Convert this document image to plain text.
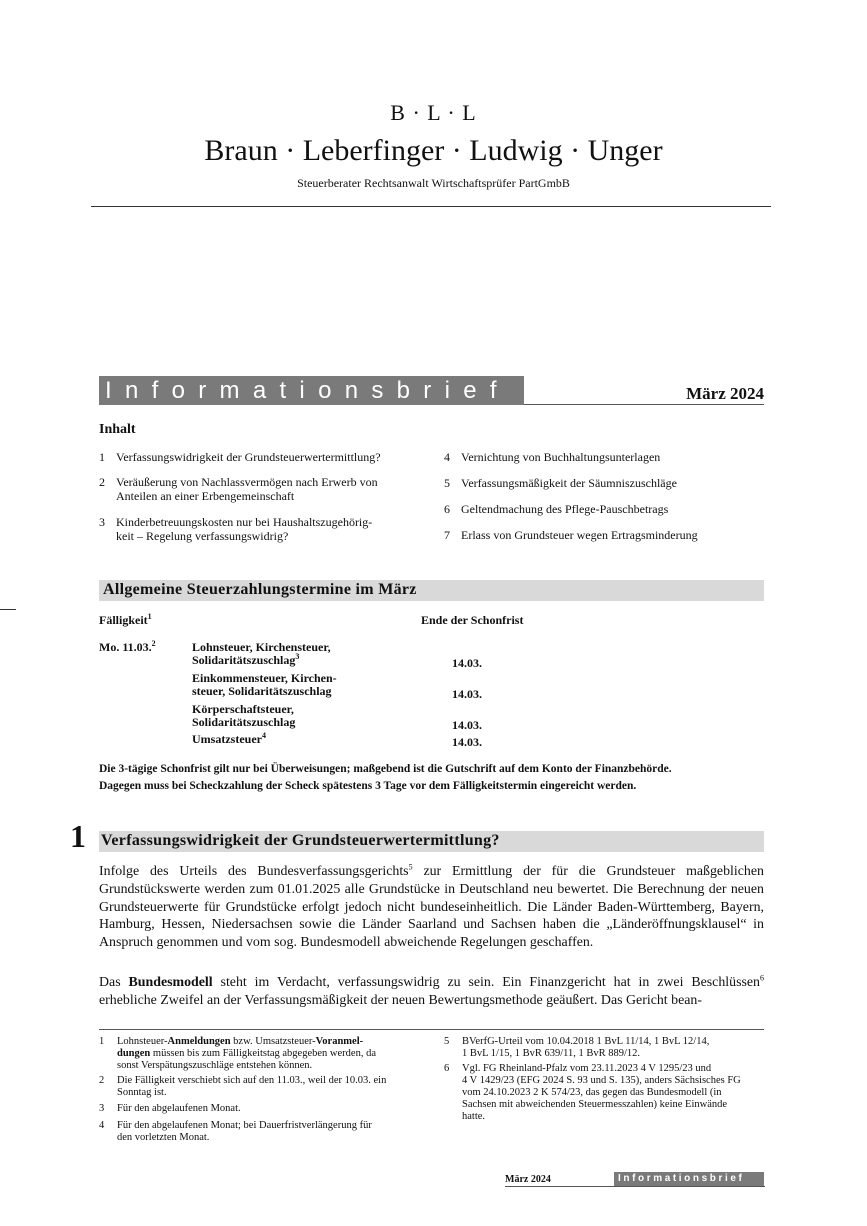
B · L · L
Braun · Leberfinger · Ludwig · Unger
Steuerberater Rechtsanwalt Wirtschaftsprüfer PartGmbB
Informationsbrief	März 2024
Inhalt
1 Verfassungswidrigkeit der Grundsteuerwertermittlung?
2 Veräußerung von Nachlassvermögen nach Erwerb von
Anteilen an einer Erbengemeinschaft
3 Kinderbetreuungskosten nur bei Haushaltszugehörig-
keit – Regelung verfassungswidrig?
4 Vernichtung von Buchhaltungsunterlagen
5 Verfassungsmäßigkeit der Säumniszuschläge
6 Geltendmachung des Pflege-Pauschbetrags
7 Erlass von Grundsteuer wegen Ertragsminderung
Allgemeine Steuerzahlungstermine im März
Fälligkeit$^1$	Ende der Schonfrist
Mo. 11.03.$^2$	Lohnsteuer, Kirchensteuer,
Solidaritätszuschlag$^3$	14.03.
Einkommensteuer, Kirchen-
steuer, Solidaritätszuschlag	14.03.
Körperschaftsteuer,
Solidaritätszuschlag	14.03.
Umsatzsteuer$^4$	14.03.
Die 3-tägige Schonfrist gilt nur bei Überweisungen; maßgebend ist die Gutschrift auf dem Konto der Finanzbehörde.
Dagegen muss bei Scheckzahlung der Scheck spätestens 3 Tage vor dem Fälligkeitstermin eingereicht werden.
1 Verfassungswidrigkeit der Grundsteuerwertermittlung?
Infolge des Urteils des Bundesverfassungsgerichts$^5$ zur Ermittlung der für die Grundsteuer maßgeblichen Grundstückswerte werden zum 01.01.2025 alle Grundstücke in Deutschland neu bewertet. Die Berechnung der neuen Grundsteuerwerte für Grundstücke erfolgt jedoch nicht bundeseinheitlich. Die Länder Baden-Württemberg, Bayern, Hamburg, Hessen, Niedersachsen sowie die Länder Saarland und Sachsen haben die „Länderöffnungsklausel“ in Anspruch genommen und vom sog. Bundesmodell abweichende Regelungen geschaffen.
Das Bundesmodell steht im Verdacht, verfassungswidrig zu sein. Ein Finanzgericht hat in zwei Beschlüssen$^6$ erhebliche Zweifel an der Verfassungsmäßigkeit der neuen Bewertungsmethode geäußert. Das Gericht bean-
1 Lohnsteuer-Anmeldungen bzw. Umsatzsteuer-Voranmel-
dungen müssen bis zum Fälligkeitstag abgegeben werden, da
sonst Verspätungszuschläge entstehen können.
2 Die Fälligkeit verschiebt sich auf den 11.03., weil der 10.03. ein
Sonntag ist.
3 Für den abgelaufenen Monat.
4 Für den abgelaufenen Monat; bei Dauerfristverlängerung für
den vorletzten Monat.
5 BVerfG-Urteil vom 10.04.2018 1 BvL 11/14, 1 BvL 12/14,
1 BvL 1/15, 1 BvR 639/11, 1 BvR 889/12.
6 Vgl. FG Rheinland-Pfalz vom 23.11.2023 4 V 1295/23 und
4 V 1429/23 (EFG 2024 S. 93 und S. 135), anders Sächsisches FG
vom 24.10.2023 2 K 574/23, das gegen das Bundesmodell (in
Sachsen mit abweichenden Steuermesszahlen) keine Einwände
hatte.
März 2024	Informationsbrief
